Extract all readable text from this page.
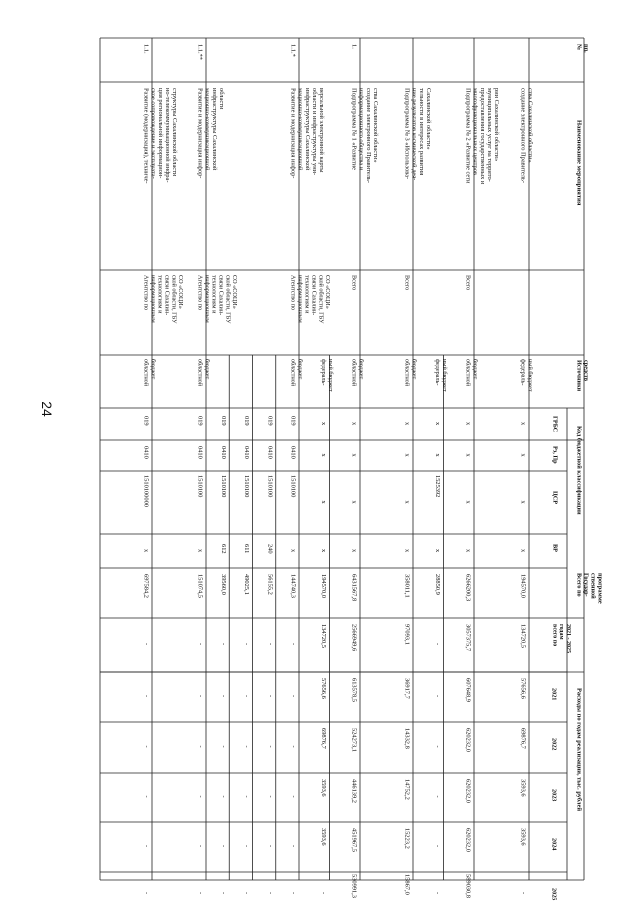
24
№пп.
Наименование мероприятия
Источникисредств
Код бюджетной классификации
ГРБС
Рз, Пр
ЦСР
ВР
Всего поГосудар-ственнойпрограмме
Расходы по годам реализации, тыс. рублей
всего погодам2021 - 2025
2021
2022
2023
2024
2025
создание электронного Правитель-ства Сахалинской области»
федераль-ный бюджет
х
х
х
х
194570,0
134720,5
57656,6
69876,7
3593,6
3593,6
-
Подпрограмма № 2 «Развитие сетимногофункциональных центровпредоставления государственных имуниципальных услуг на террито-рии Сахалинской области»
Всего
областнойбюджет
х
х
х
х
6266200,3
3057375,7
607648,9
620232,0
620232,0
620232,0
589030,8
федераль-ный бюджет
х
х
1525392
х
28850,9
-
-
-
-
-
-
Подпрограмма № 3 «Использова-ние результатов космической дея-тельности в интересах развитияСахалинской области»
Всего
областнойбюджет
х
х
х
х
358011,1
97093,1
36917,7
14332,8
14752,2
15223,2
15867,0
1.
Подпрограмма № 1 «Развитиеинформационного общества исоздание электронного Правитель-ства Сахалинской области»
Всего
областнойбюджет
х
х
х
х
6431567,8
2566949,6
613578,5
524273,1
446139,2
451967,5
530991,3
федераль-ный бюджет
х
х
х
х
194570,0
134720,5
57656,6
69876,7
3593,6
3593,6
-
1.1.*
Развитие и модернизация инфор-мационно-коммуникационнойинфраструктуры Сахалинскойобласти и инфраструктуры уни-версальной электронной карты
Агентство поинформационнымтехнологиям исвязи Сахалин-ской области, ГБУСО «СОЦИ»
областнойбюджет
019
0410
1510100
х
144740,3
-
-
-
-
-
-
019
0410
1510100
240
56155,2
-
-
-
-
-
-
019
0410
1510100
611
49025,1
-
-
-
-
-
-
019
0410
1510100
612
39560,0
-
-
-
-
-
-
1.1.**
Развитие и модернизация инфор-мационно-коммуникационнойинфраструктуры Сахалинскойобласти
Агентство поинформационнымтехнологиям исвязи Сахалин-ской области, ГБУСО «СОЦИ»
областнойбюджет
019
0410
1510100
х
151074,5
-
-
-
-
-
-
1.1.
Развитие (модернизация), техниче-ское сопровождение и эксплуата-ция региональной информацион-но-телекоммуникационной инфра-структуры Сахалинской области
Агентство поинформационнымтехнологиям исвязи Сахалин-ской области, ГБУСО «СОЦИ»
областнойбюджет
019
0410
1510100000
х
697584,2
-
-
-
-
-
-
